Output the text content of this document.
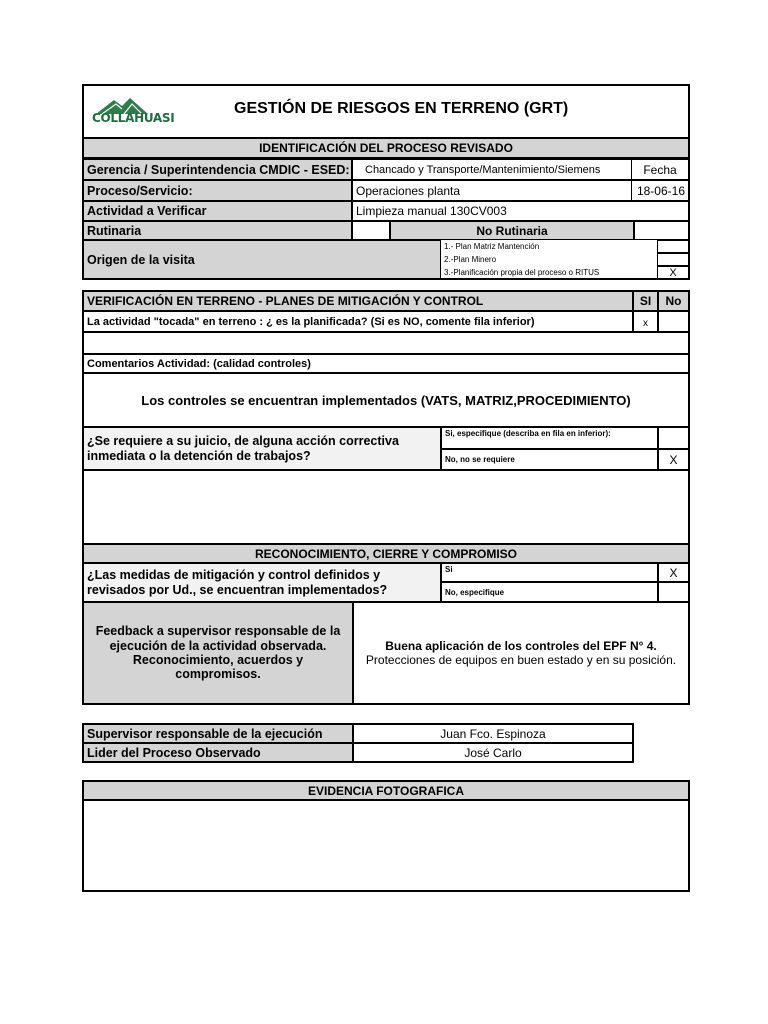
COLLAHUASI
GESTIÓN DE RIESGOS EN TERRENO (GRT)
IDENTIFICACIÓN DEL PROCESO REVISADO
Gerencia / Superintendencia CMDIC - ESED:	Chancado y Transporte/Mantenimiento/Siemens	Fecha
Proceso/Servicio:	Operaciones planta	18-06-16
Actividad a Verificar	Limpieza manual 130CV003
Rutinaria	No Rutinaria
Origen de la visita
1.- Plan Matriz Mantención
2.-Plan Minero
3.-Planificación propia del proceso o RITUS	X
VERIFICACIÓN EN TERRENO - PLANES DE MITIGACIÓN Y CONTROL	SI	No
La actividad "tocada" en terreno : ¿ es la planificada? (Si es NO, comente fila inferior)	x
Comentarios Actividad: (calidad controles)
Los controles se encuentran implementados (VATS, MATRIZ,PROCEDIMIENTO)
¿Se requiere a su juicio, de alguna acción correctiva inmediata o la detención de trabajos?
Si, especifique (describa en fila en inferior):
No, no se requiere	X
RECONOCIMIENTO, CIERRE Y COMPROMISO
¿Las medidas de mitigación y control definidos y revisados por Ud., se encuentran implementados?
Si	X
No, especifique
Feedback a supervisor responsable de la ejecución de la actividad observada. Reconocimiento, acuerdos y compromisos.
Buena aplicación de los controles del EPF N° 4.
Protecciones de equipos en buen estado y en su posición.
Supervisor responsable de la ejecución	Juan Fco. Espinoza
Lider del Proceso Observado	José Carlo
EVIDENCIA FOTOGRAFICA
